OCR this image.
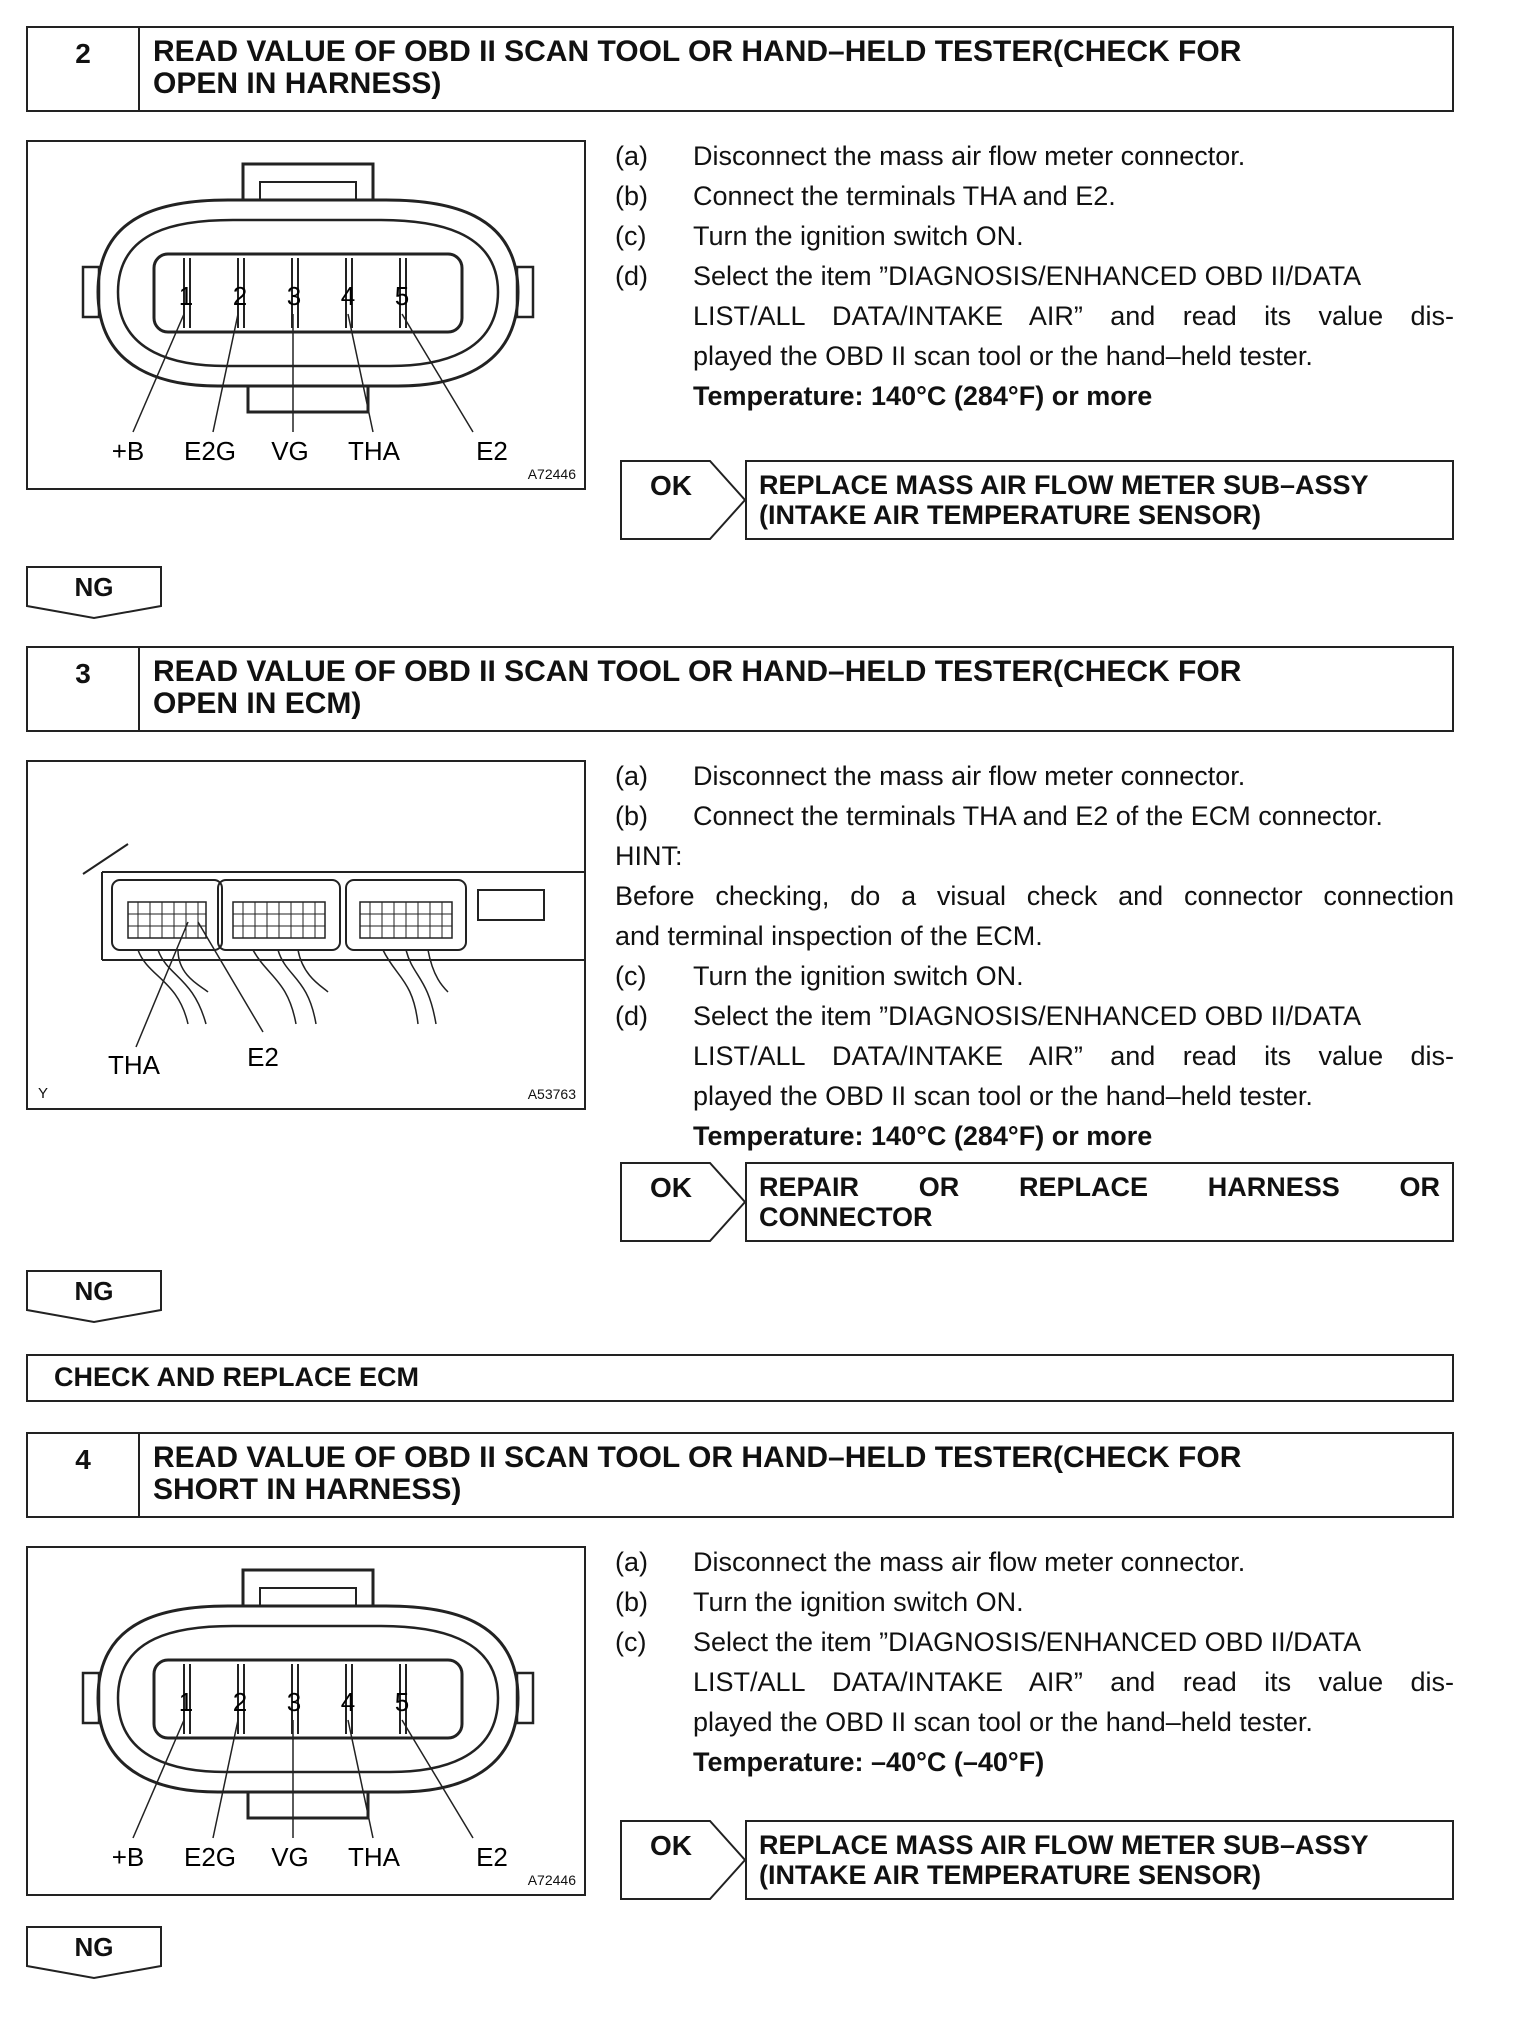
2	READ VALUE OF OBD II SCAN TOOL OR HAND–HELD TESTER(CHECK FOR
OPEN IN HARNESS)
1 2 3 4 5
+B E2G VG THA	E2
A72446
(a) Disconnect the mass air flow meter connector.
(b) Connect the terminals THA and E2.
(c) Turn the ignition switch ON.
(d) Select the item ”DIAGNOSIS/ENHANCED OBD II/DATA
LIST/ALL DATA/INTAKE AIR” and read its value dis-
played the OBD II scan tool or the hand–held tester.
Temperature: 140°C (284°F) or more
OK REPLACE MASS AIR FLOW METER SUB–ASSY
(INTAKE AIR TEMPERATURE SENSOR)
NG
3	READ VALUE OF OBD II SCAN TOOL OR HAND–HELD TESTER(CHECK FOR
OPEN IN ECM)
THA	E2
Y	A53763
(a) Disconnect the mass air flow meter connector.
(b) Connect the terminals THA and E2 of the ECM connector.
HINT:
Before checking, do a visual check and connector connection
and terminal inspection of the ECM.
(c) Turn the ignition switch ON.
(d) Select the item ”DIAGNOSIS/ENHANCED OBD II/DATA
LIST/ALL DATA/INTAKE AIR” and read its value dis-
played the OBD II scan tool or the hand–held tester.
Temperature: 140°C (284°F) or more
OK REPAIR OR REPLACE HARNESS OR
CONNECTOR
NG
CHECK AND REPLACE ECM
4	READ VALUE OF OBD II SCAN TOOL OR HAND–HELD TESTER(CHECK FOR
SHORT IN HARNESS)
1 2 3 4 5
+B E2G VG THA	E2
A72446
(a) Disconnect the mass air flow meter connector.
(b) Turn the ignition switch ON.
(c) Select the item ”DIAGNOSIS/ENHANCED OBD II/DATA
LIST/ALL DATA/INTAKE AIR” and read its value dis-
played the OBD II scan tool or the hand–held tester.
Temperature: –40°C (–40°F)
OK REPLACE MASS AIR FLOW METER SUB–ASSY
(INTAKE AIR TEMPERATURE SENSOR)
NG
